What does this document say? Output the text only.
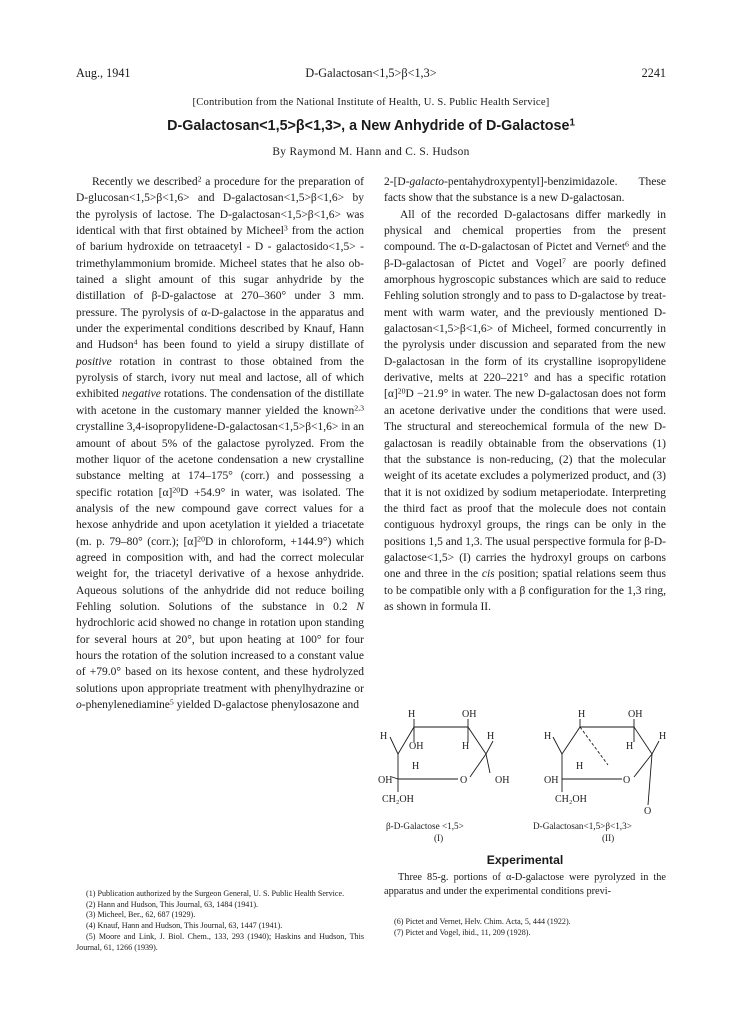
Aug., 1941	D-Galactosan<1,5>β<1,3>	2241
[Contribution from the National Institute of Health, U. S. Public Health Service]
D-Galactosan<1,5>β<1,3>, a New Anhydride of D-Galactose$^1$
By Raymond M. Hann and C. S. Hudson

Recently we described$^2$ a procedure for the preparation of D-glucosan<1,5>β<1,6> and D-galactosan<1,5>β<1,6> by the pyrolysis of lactose. The D-galactosan<1,5>β<1,6> was identical with that first obtained by Micheel$^3$ from the action of barium hydroxide on tetraacetyl - D - galactosido<1,5> - trimethylammonium bromide. Micheel states that he also obtained a slight amount of this sugar anhydride by the distillation of β-D-galactose at 270–360° under 3 mm. pressure. The pyrolysis of α-D-galactose in the apparatus and under the experimental conditions described by Knauf, Hann and Hudson$^4$ has been found to yield a sirupy distillate of positive rotation in contrast to those obtained from the pyrolysis of starch, ivory nut meal and lactose, all of which exhibited negative rotations. The condensation of the distillate with acetone in the customary manner yielded the known$^{2,3}$ crystalline 3,4-isopropylidene-D-galactosan<1,5>β<1,6> in an amount of about 5% of the galactose pyrolyzed. From the mother liquor of the acetone condensation a new crystalline substance melting at 174–175° (corr.) and possessing a specific rotation $[\alpha]^{20}D +54.9^\circ$ in water, was isolated. The analysis of the new compound gave correct values for a hexose anhydride and upon acetylation it yielded a triacetate (m. p. 79–80° (corr.); $[\alpha]^{20}D$ in chloroform, +144.9°) which agreed in composition with, and had the correct molecular weight for, the triacetyl derivative of a hexose anhydride. Aqueous solutions of the anhydride did not reduce boiling Fehling solution. Solutions of the substance in 0.2 N hydrochloric acid showed no change in rotation upon standing for several hours at 20°, but upon heating at 100° for four hours the rotation of the solution increased to a constant value of +79.0° based on its hexose content, and these hydrolyzed solutions upon appropriate treatment with phenylhydrazine or o-phenylenediamine$^5$ yielded D-galactose phenylosazone and

2-[D-galacto-pentahydroxypentyl]-benzimidazole. These facts show that the substance is a new D-galactosan.

All of the recorded D-galactosans differ markedly in physical and chemical properties from the present compound. The α-D-galactosan of Pictet and Vernet$^6$ and the β-D-galactosan of Pictet and Vogel$^7$ are poorly defined amorphous hygroscopic substances which are said to reduce Fehling solution strongly and to pass to D-galactose by treatment with warm water, and the previously mentioned D-galactosan<1,5>β<1,6> of Micheel, formed concurrently in the pyrolysis under discussion and separated from the new D-galactosan in the form of its crystalline isopropylidene derivative, melts at 220–221° and has a specific rotation $[\alpha]^{20}D -21.9^\circ$ in water. The new D-galactosan does not form an acetone derivative under the conditions that were used. The structural and stereochemical formula of the new D-galactosan is readily obtainable from the observations (1) that the substance is non-reducing, (2) that the molecular weight of its acetate excludes a polymerized product, and (3) that it is not oxidized by sodium metaperiodate. Interpreting the third fact as proof that the molecule does not contain contiguous hydroxyl groups, the rings can be only in the positions 1,5 and 1,3. The usual perspective formula for β-D-galactose<1,5> (I) carries the hydroxyl groups on carbons one and three in the cis position; spatial relations seem thus to be compatible only with a β configuration for the 1,3 ring, as shown in formula II.

H	OH
H	H
OH	H
H
OH	O	OH
CH₂OH
β-D-Galactose <1,5>
(I)
H	OH
H	H
H
H
OH	O
CH₂OH
O
D-Galactosan<1,5>β<1,3>
(II)
Experimental

Three 85-g. portions of α-D-galactose were pyrolyzed in the apparatus and under the experimental conditions previ-

(1) Publication authorized by the Surgeon General, U. S. Public Health Service.

(2) Hann and Hudson, This Journal, 63, 1484 (1941).

(3) Micheel, Ber., 62, 687 (1929).

(4) Knauf, Hann and Hudson, This Journal, 63, 1447 (1941).

(5) Moore and Link, J. Biol. Chem., 133, 293 (1940); Haskins and Hudson, This Journal, 61, 1266 (1939).

(6) Pictet and Vernet, Helv. Chim. Acta, 5, 444 (1922).

(7) Pictet and Vogel, ibid., 11, 209 (1928).
